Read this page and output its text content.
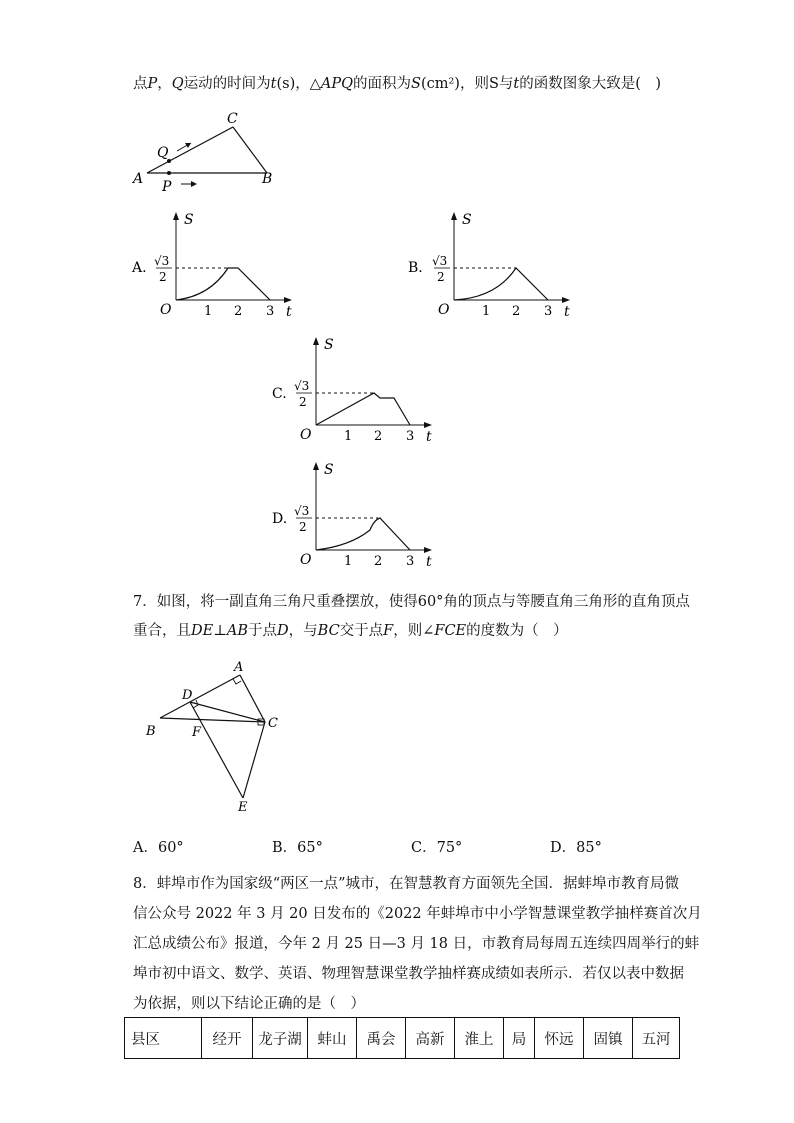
点P，Q运动的时间为t(s)，△APQ的面积为S(cm²)，则S与t的函数图象大致是(　)
A	B
C
Q
P
A.
S
O	1 2 3 t
√3
2
B.
S
O	1 2 3 t
√3
2
C.
S
O	1 2 3 t
√3
2
D.
S
O	1 2 3 t
√3
2
7．如图，将一副直角三角尺重叠摆放，使得60°角的顶点与等腰直角三角形的直角顶点
重合，且DE⊥AB于点D，与BC交于点F，则∠FCE的度数为（　）
A
B
C
D
E
F
A．60°	B．65°	C．75°	D．85°
8．蚌埠市作为国家级“两区一点”城市，在智慧教育方面领先全国．据蚌埠市教育局微
信公众号 2022 年 3 月 20 日发布的《2022 年蚌埠市中小学智慧课堂教学抽样赛首次月
汇总成绩公布》报道，今年 2 月 25 日—3 月 18 日，市教育局每周五连续四周举行的蚌
埠市初中语文、数学、英语、物理智慧课堂教学抽样赛成绩如表所示．若仅以表中数据
为依据，则以下结论正确的是（　）
县区	经开	龙子湖	蚌山	禹会	高新	淮上	局	怀远	固镇	五河
